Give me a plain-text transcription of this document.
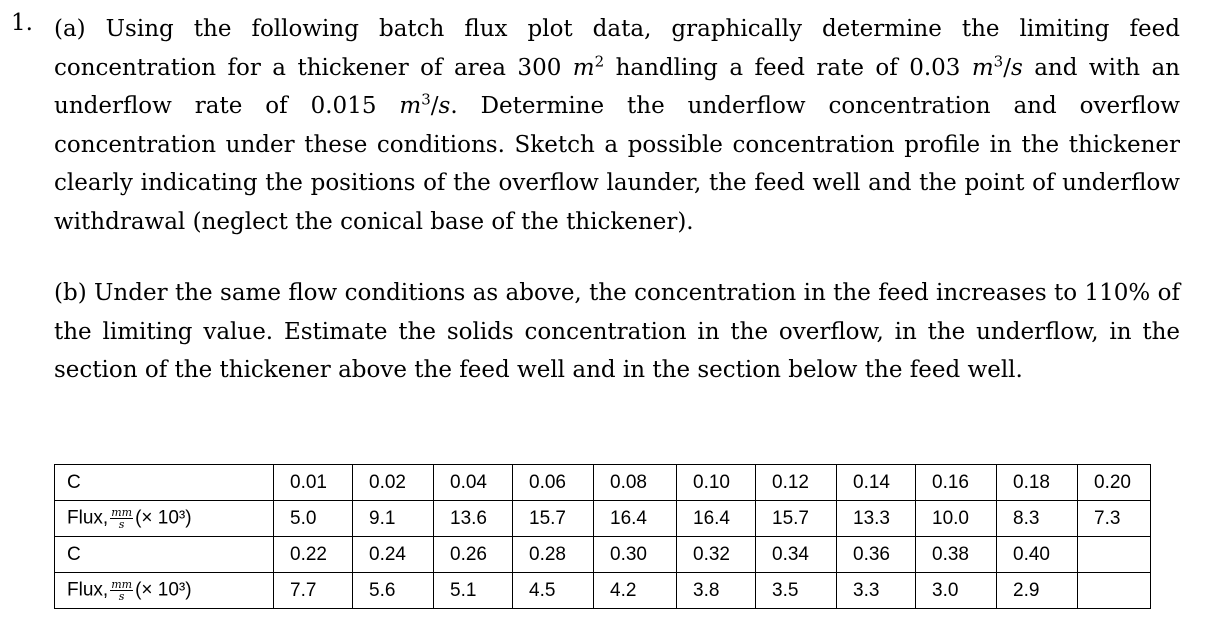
1. (a) Using the following batch flux plot data, graphically determine the limiting feed concentration for a thickener of area 300 $m^2$ handling a feed rate of 0.03 $m^3/s$ and with an underflow rate of 0.015 $m^3/s$. Determine the underflow concentration and overflow concentration under these conditions. Sketch a possible concentration profile in the thickener clearly indicating the positions of the overflow launder, the feed well and the point of underflow withdrawal (neglect the conical base of the thickener).
(b) Under the same flow conditions as above, the concentration in the feed increases to 110% of the limiting value. Estimate the solids concentration in the overflow, in the underflow, in the section of the thickener above the feed well and in the section below the feed well.
C	0.01	0.02	0.04	0.06	0.08	0.10	0.12	0.14	0.16	0.18	0.20
Flux, $\frac{mm}{s}$ (× 10³)	5.0	9.1	13.6	15.7	16.4	16.4	15.7	13.3	10.0	8.3	7.3
C	0.22	0.24	0.26	0.28	0.30	0.32	0.34	0.36	0.38	0.40	
Flux, $\frac{mm}{s}$ (× 10³)	7.7	5.6	5.1	4.5	4.2	3.8	3.5	3.3	3.0	2.9	
